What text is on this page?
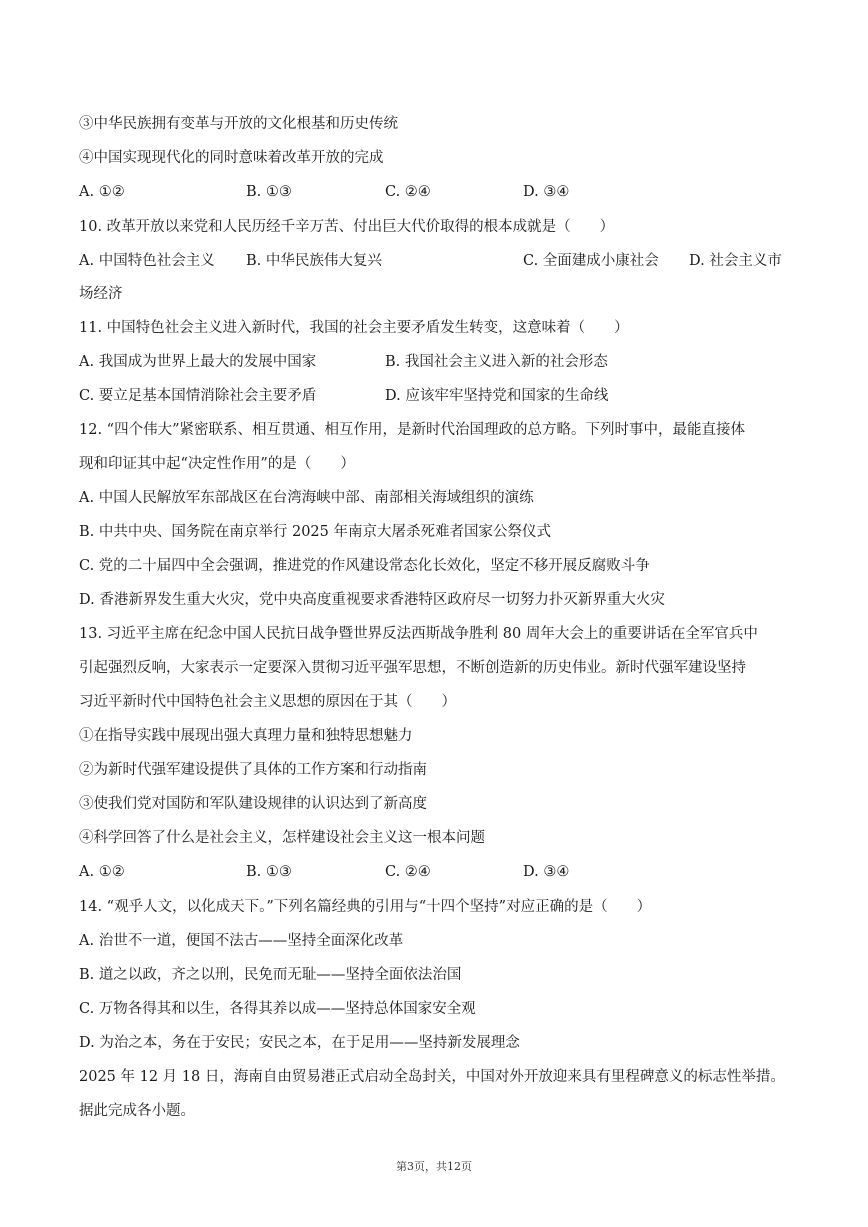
③中华民族拥有变革与开放的文化根基和历史传统
④中国实现现代化的同时意味着改革开放的完成
A. ①②	B. ①③	C. ②④	D. ③④
10. 改革开放以来党和人民历经千辛万苦、付出巨大代价取得的根本成就是（　　）
A. 中国特色社会主义 B. 中华民族伟大复兴	C. 全面建成小康社会 D. 社会主义市
场经济
11. 中国特色社会主义进入新时代，我国的社会主要矛盾发生转变，这意味着（　　）
A. 我国成为世界上最大的发展中国家	B. 我国社会主义进入新的社会形态
C. 要立足基本国情消除社会主要矛盾	D. 应该牢牢坚持党和国家的生命线
12. “四个伟大”紧密联系、相互贯通、相互作用，是新时代治国理政的总方略。下列时事中，最能直接体
现和印证其中起“决定性作用”的是（　　）
A. 中国人民解放军东部战区在台湾海峡中部、南部相关海域组织的演练
B. 中共中央、国务院在南京举行 2025 年南京大屠杀死难者国家公祭仪式
C. 党的二十届四中全会强调，推进党的作风建设常态化长效化，坚定不移开展反腐败斗争
D. 香港新界发生重大火灾，党中央高度重视要求香港特区政府尽一切努力扑灭新界重大火灾
13. 习近平主席在纪念中国人民抗日战争暨世界反法西斯战争胜利 80 周年大会上的重要讲话在全军官兵中
引起强烈反响，大家表示一定要深入贯彻习近平强军思想，不断创造新的历史伟业。新时代强军建设坚持
习近平新时代中国特色社会主义思想的原因在于其（　　）
①在指导实践中展现出强大真理力量和独特思想魅力
②为新时代强军建设提供了具体的工作方案和行动指南
③使我们党对国防和军队建设规律的认识达到了新高度
④科学回答了什么是社会主义，怎样建设社会主义这一根本问题
A. ①②	B. ①③	C. ②④	D. ③④
14. “观乎人文，以化成天下。”下列名篇经典的引用与“十四个坚持”对应正确的是（　　）
A. 治世不一道，便国不法古——坚持全面深化改革
B. 道之以政，齐之以刑，民免而无耻——坚持全面依法治国
C. 万物各得其和以生，各得其养以成——坚持总体国家安全观
D. 为治之本，务在于安民；安民之本，在于足用——坚持新发展理念
2025 年 12 月 18 日，海南自由贸易港正式启动全岛封关，中国对外开放迎来具有里程碑意义的标志性举措。
据此完成各小题。
第3页，共12页
